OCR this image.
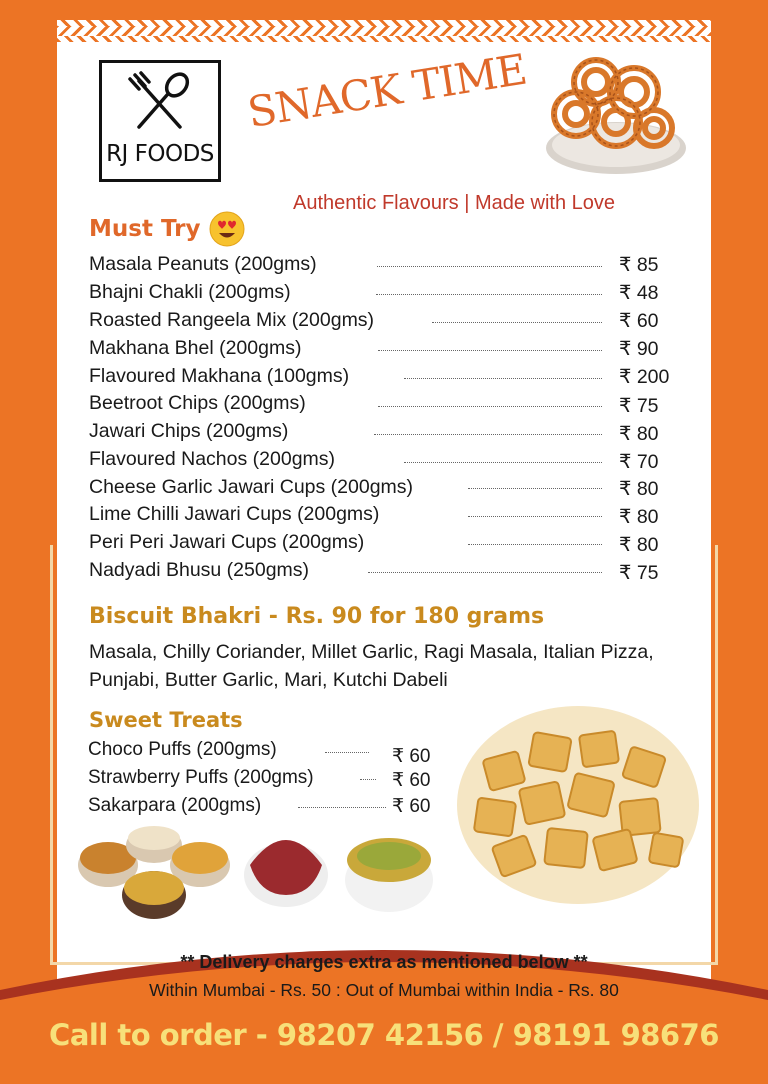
RJ FOODS
SNACK TIME
Authentic Flavours | Made with Love
Must Try
Masala Peanuts (200gms)	₹ 85
Bhajni Chakli (200gms)	₹ 48
Roasted Rangeela Mix (200gms)	₹ 60
Makhana Bhel (200gms)	₹ 90
Flavoured Makhana (100gms)	₹ 200
Beetroot Chips (200gms)	₹ 75
Jawari Chips (200gms)	₹ 80
Flavoured Nachos (200gms)	₹ 70
Cheese Garlic Jawari Cups (200gms)	₹ 80
Lime Chilli Jawari Cups (200gms)	₹ 80
Peri Peri Jawari Cups (200gms)	₹ 80
Nadyadi Bhusu (250gms)	₹ 75
Biscuit Bhakri - Rs. 90 for 180 grams
Masala, Chilly Coriander, Millet Garlic, Ragi Masala, Italian Pizza, Punjabi, Butter Garlic, Mari, Kutchi Dabeli
Sweet Treats
Choco Puffs (200gms)	₹ 60
Strawberry Puffs (200gms)	₹ 60
Sakarpara (200gms)	₹ 60
** Delivery charges extra as mentioned below **
Within Mumbai - Rs. 50 : Out of Mumbai within India - Rs. 80
Call to order - 98207 42156 / 98191 98676
